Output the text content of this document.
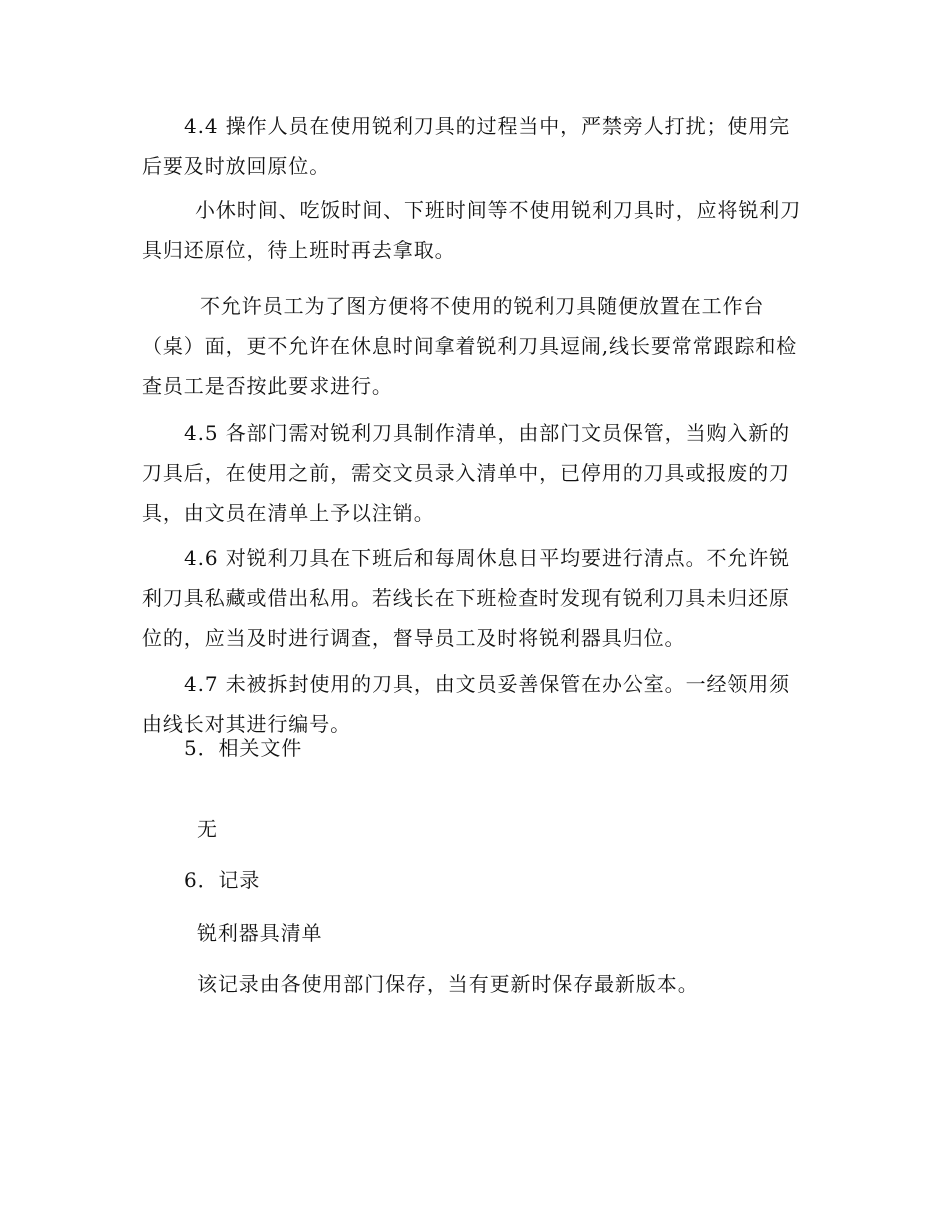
4.4 操作人员在使用锐利刀具的过程当中，严禁旁人打扰；使用完后要及时放回原位。

小休时间、吃饭时间、下班时间等不使用锐利刀具时，应将锐利刀具归还原位，待上班时再去拿取。

不允许员工为了图方便将不使用的锐利刀具随便放置在工作台（桌）面，更不允许在休息时间拿着锐利刀具逗闹,线长要常常跟踪和检查员工是否按此要求进行。

4.5 各部门需对锐利刀具制作清单，由部门文员保管，当购入新的刀具后，在使用之前，需交文员录入清单中，已停用的刀具或报废的刀具，由文员在清单上予以注销。

4.6 对锐利刀具在下班后和每周休息日平均要进行清点。不允许锐利刀具私藏或借出私用。若线长在下班检查时发现有锐利刀具未归还原位的，应当及时进行调查，督导员工及时将锐利器具归位。

4.7 未被拆封使用的刀具，由文员妥善保管在办公室。一经领用须由线长对其进行编号。

5．相关文件

无

6．记录

锐利器具清单

该记录由各使用部门保存，当有更新时保存最新版本。
